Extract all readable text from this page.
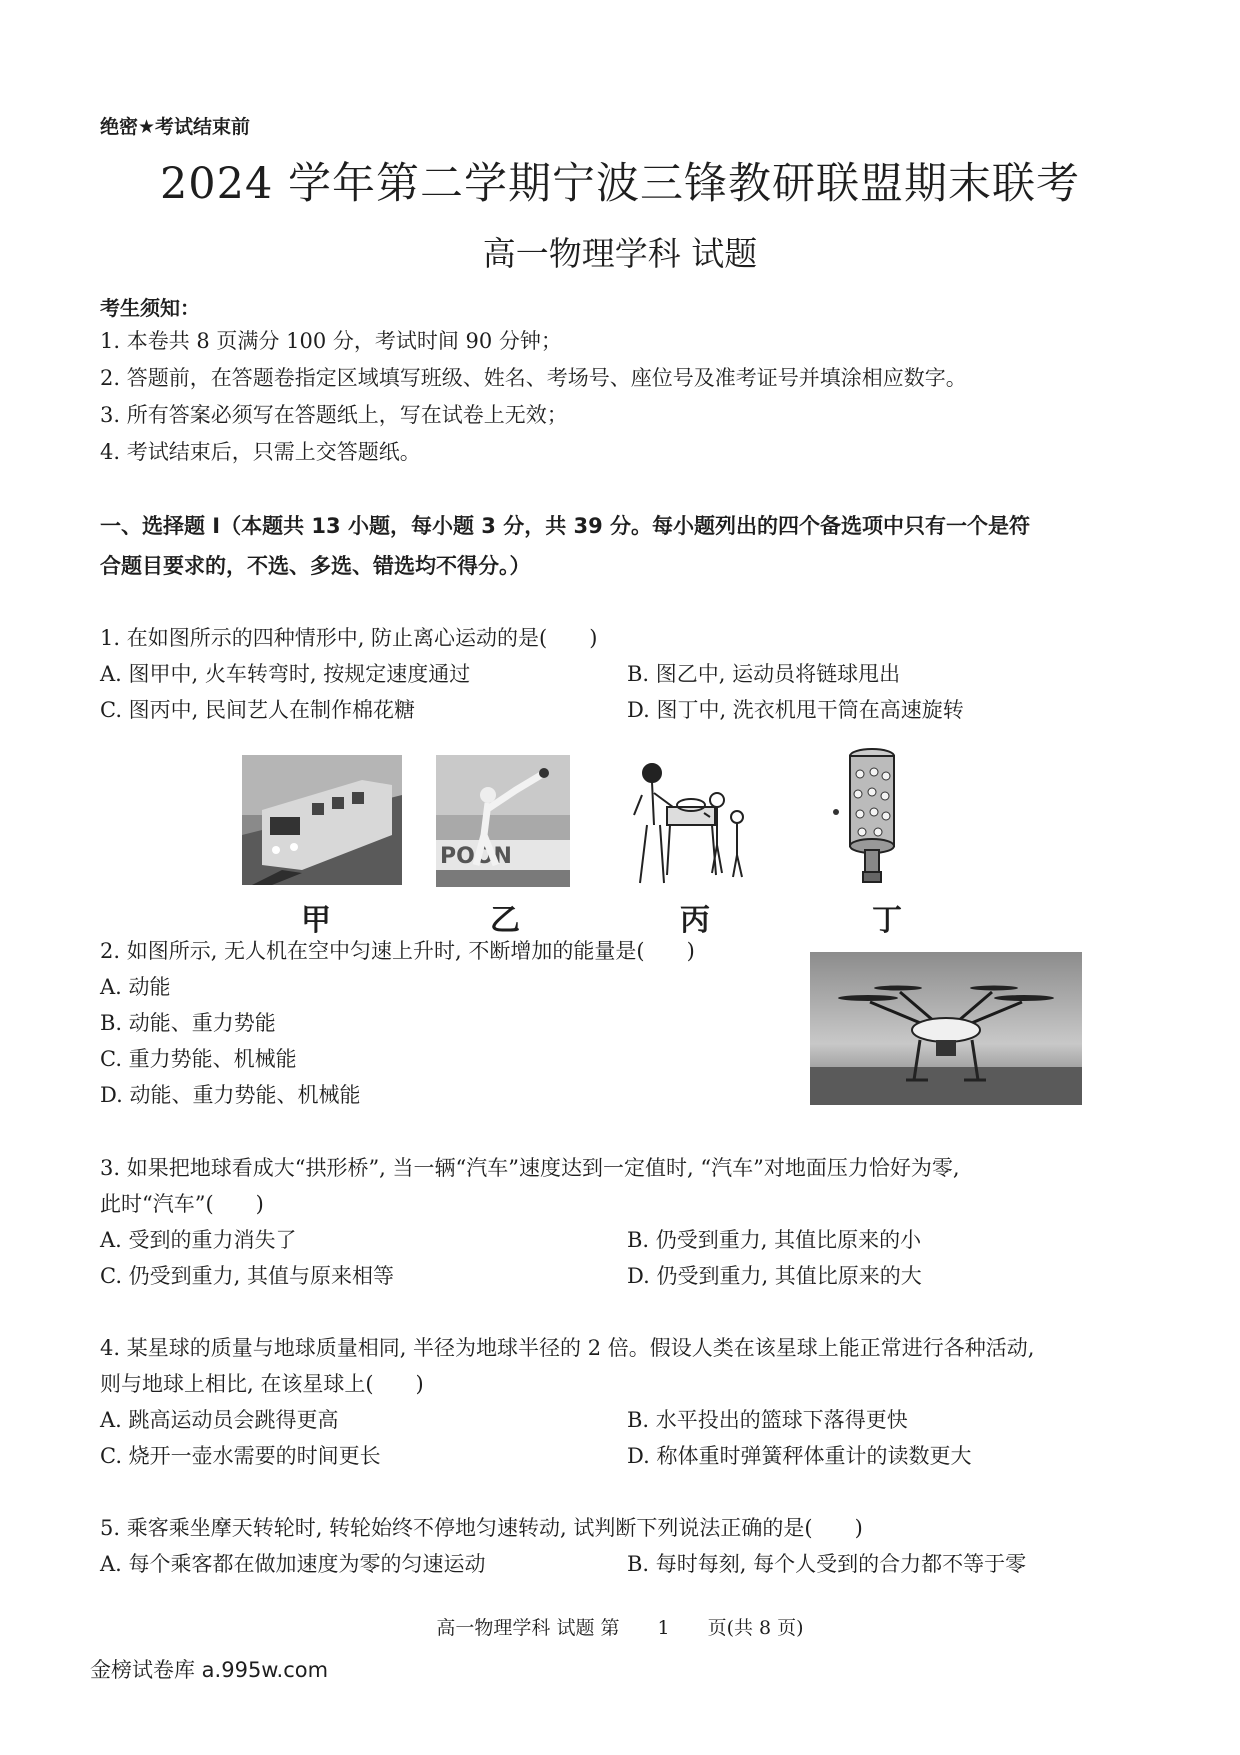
绝密★考试结束前
2024 学年第二学期宁波三锋教研联盟期末联考
高一物理学科 试题
考生须知：
1. 本卷共 8 页满分 100 分，考试时间 90 分钟；
2. 答题前，在答题卷指定区域填写班级、姓名、考场号、座位号及准考证号并填涂相应数字。
3. 所有答案必须写在答题纸上，写在试卷上无效；
4. 考试结束后，只需上交答题纸。
一、选择题 I（本题共 13 小题，每小题 3 分，共 39 分。每小题列出的四个备选项中只有一个是符
合题目要求的，不选、多选、错选均不得分。）
1. 在如图所示的四种情形中, 防止离心运动的是(　　)
A. 图甲中, 火车转弯时, 按规定速度通过	B. 图乙中, 运动员将链球甩出
C. 图丙中, 民间艺人在制作棉花糖	D. 图丁中, 洗衣机甩干筒在高速旋转
甲
POON
乙	丙	丁
2. 如图所示, 无人机在空中匀速上升时, 不断增加的能量是(　　)
A. 动能
B. 动能、重力势能
C. 重力势能、机械能
D. 动能、重力势能、机械能
3. 如果把地球看成大“拱形桥”, 当一辆“汽车”速度达到一定值时, “汽车”对地面压力恰好为零,
此时“汽车”(　　)
A. 受到的重力消失了	B. 仍受到重力, 其值比原来的小
C. 仍受到重力, 其值与原来相等	D. 仍受到重力, 其值比原来的大
4. 某星球的质量与地球质量相同, 半径为地球半径的 2 倍。假设人类在该星球上能正常进行各种活动,
则与地球上相比, 在该星球上(　　)
A. 跳高运动员会跳得更高	B. 水平投出的篮球下落得更快
C. 烧开一壶水需要的时间更长	D. 称体重时弹簧秤体重计的读数更大
5. 乘客乘坐摩天转轮时, 转轮始终不停地匀速转动, 试判断下列说法正确的是(　　)
A. 每个乘客都在做加速度为零的匀速运动	B. 每时每刻, 每个人受到的合力都不等于零
高一物理学科 试题 第　　1　　页(共 8 页)
金榜试卷库 a.995w.com
